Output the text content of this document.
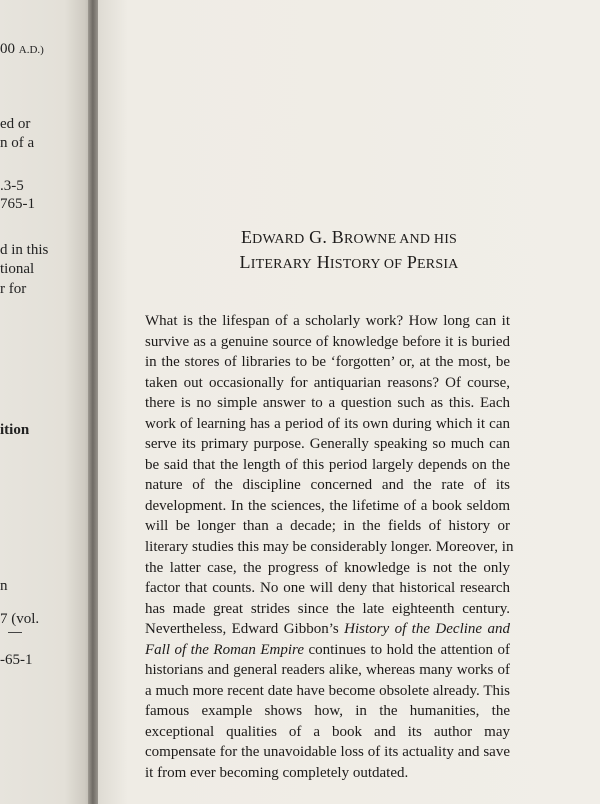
00 A.D.)
ed or
n of a
.3-5
765-1
d in this
tional
r for
ition
n
7 (vol.
-65-1
EDWARD G. BROWNE AND HIS
LITERARY HISTORY OF PERSIA
What is the lifespan of a scholarly work? How long can it
survive as a genuine source of knowledge before it is buried
in the stores of libraries to be ‘forgotten’ or, at the most, be
taken out occasionally for antiquarian reasons? Of course,
there is no simple answer to a question such as this. Each
work of learning has a period of its own during which it can
serve its primary purpose. Generally speaking so much can
be said that the length of this period largely depends on the
nature of the discipline concerned and the rate of its
development. In the sciences, the lifetime of a book seldom
will be longer than a decade; in the fields of history or
literary studies this may be considerably longer. Moreover, in
the latter case, the progress of knowledge is not the only
factor that counts. No one will deny that historical research
has made great strides since the late eighteenth century.
Nevertheless, Edward Gibbon’s History of the Decline and
Fall of the Roman Empire continues to hold the attention of
historians and general readers alike, whereas many works of
a much more recent date have become obsolete already. This
famous example shows how, in the humanities, the
exceptional qualities of a book and its author may
compensate for the unavoidable loss of its actuality and save
it from ever becoming completely outdated.
